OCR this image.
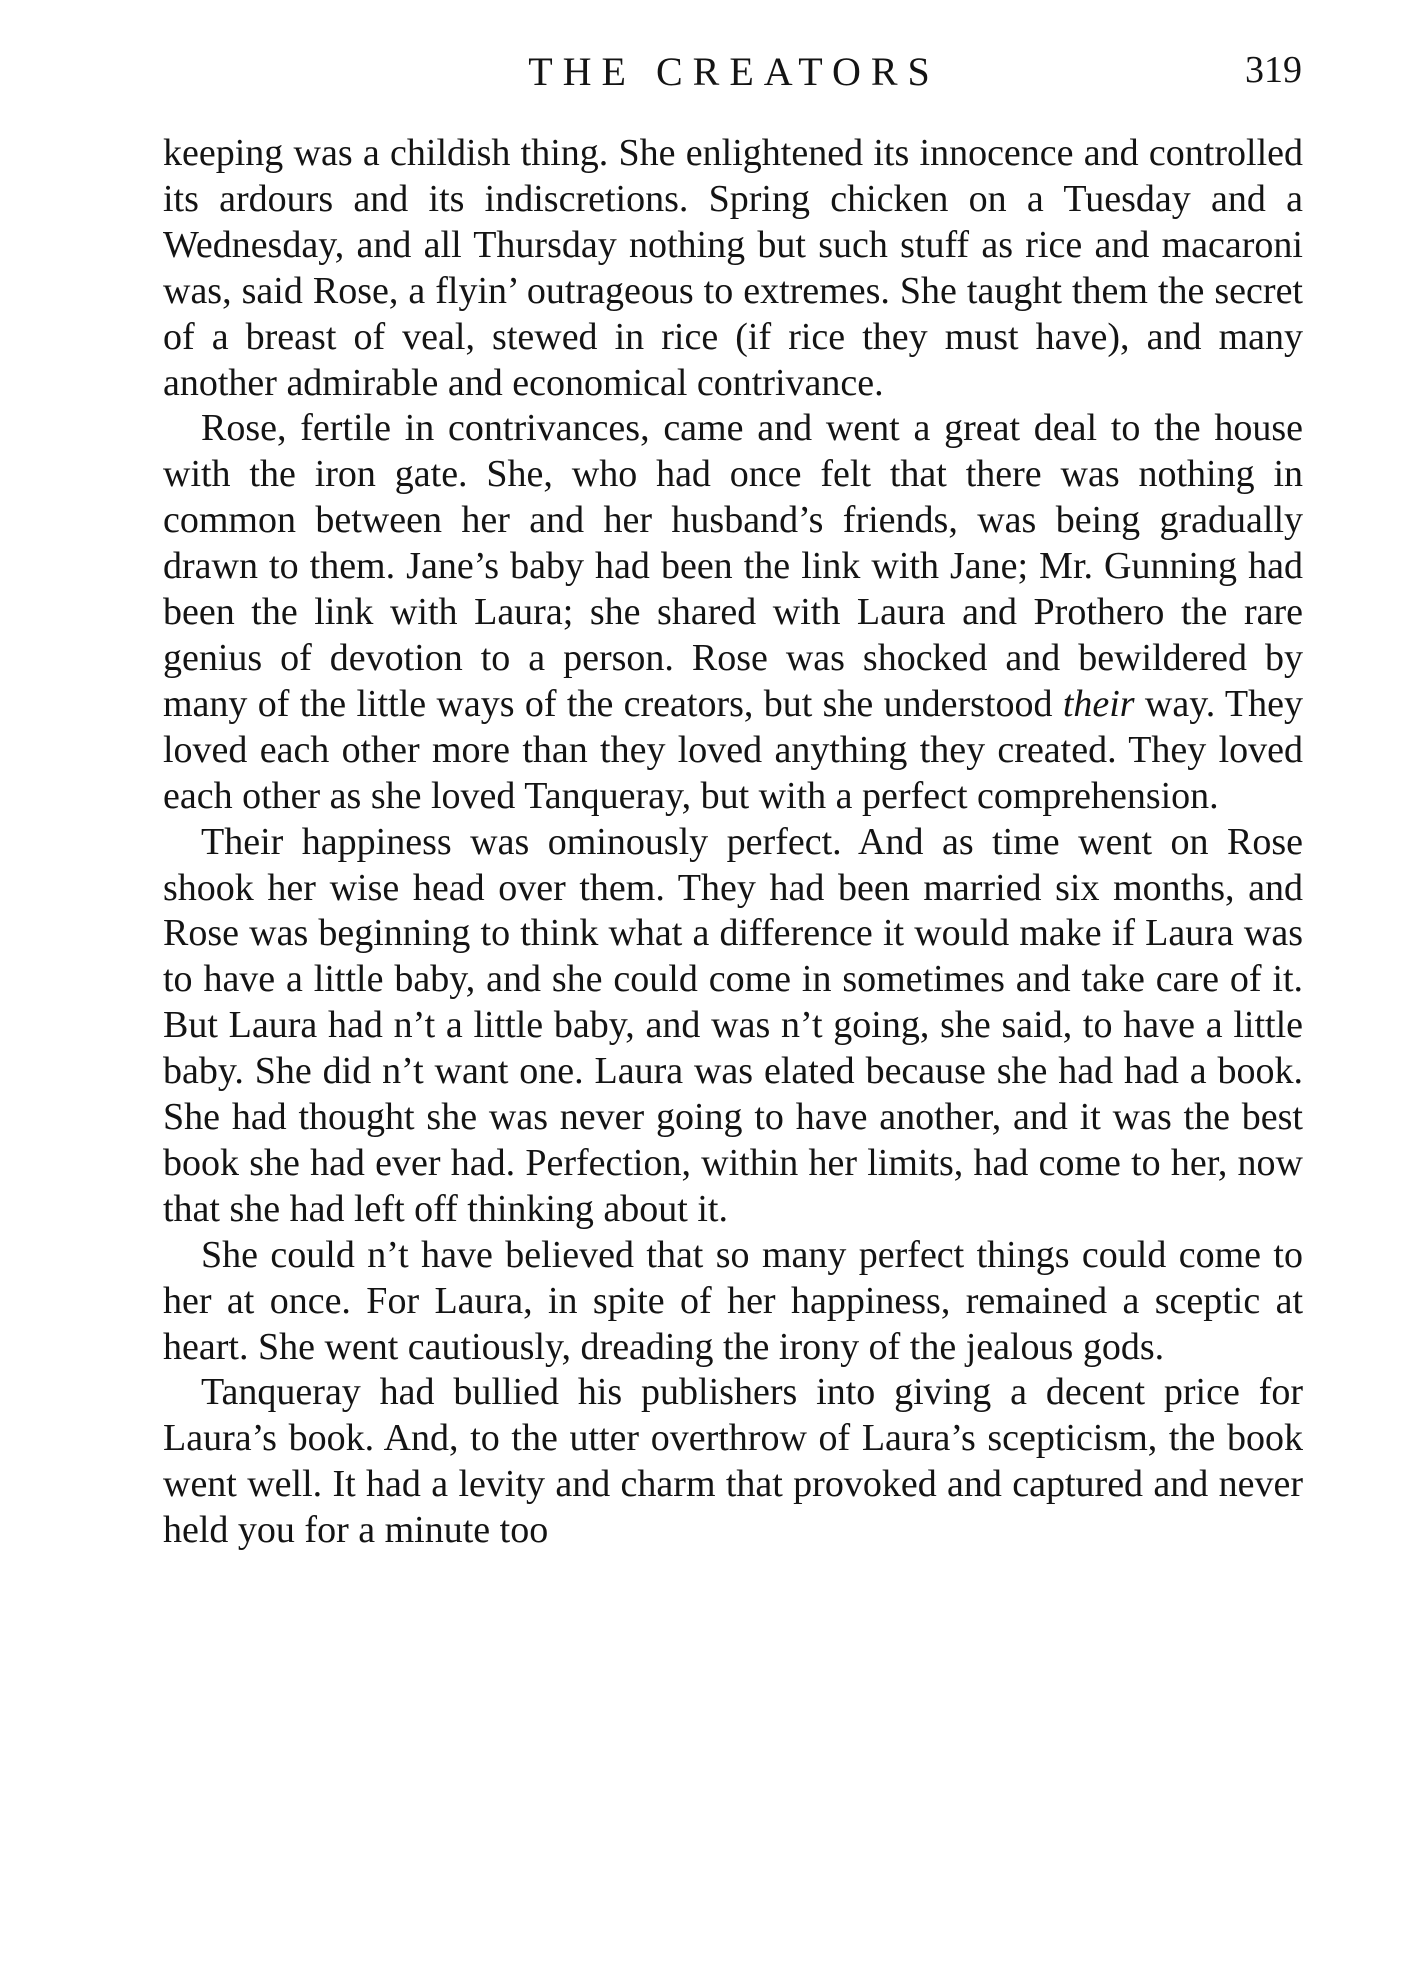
THE CREATORS	319

keeping was a childish thing. She enlightened its innocence and controlled its ardours and its indiscretions. Spring chicken on a Tuesday and a Wednesday, and all Thursday nothing but such stuff as rice and macaroni was, said Rose, a flyin’ outrageous to extremes. She taught them the secret of a breast of veal, stewed in rice (if rice they must have), and many another admirable and economical contrivance.

Rose, fertile in contrivances, came and went a great deal to the house with the iron gate. She, who had once felt that there was nothing in common between her and her husband’s friends, was being gradually drawn to them. Jane’s baby had been the link with Jane; Mr. Gunning had been the link with Laura; she shared with Laura and Prothero the rare genius of devotion to a person. Rose was shocked and bewildered by many of the little ways of the creators, but she understood their way. They loved each other more than they loved anything they created. They loved each other as she loved Tanqueray, but with a perfect comprehension.

Their happiness was ominously perfect. And as time went on Rose shook her wise head over them. They had been married six months, and Rose was beginning to think what a difference it would make if Laura was to have a little baby, and she could come in sometimes and take care of it. But Laura had n’t a little baby, and was n’t going, she said, to have a little baby. She did n’t want one. Laura was elated because she had had a book. She had thought she was never going to have another, and it was the best book she had ever had. Perfection, within her limits, had come to her, now that she had left off thinking about it.

She could n’t have believed that so many perfect things could come to her at once. For Laura, in spite of her happiness, remained a sceptic at heart. She went cautiously, dreading the irony of the jealous gods.

Tanqueray had bullied his publishers into giving a decent price for Laura’s book. And, to the utter overthrow of Laura’s scepticism, the book went well. It had a levity and charm that provoked and captured and never held you for a minute too
